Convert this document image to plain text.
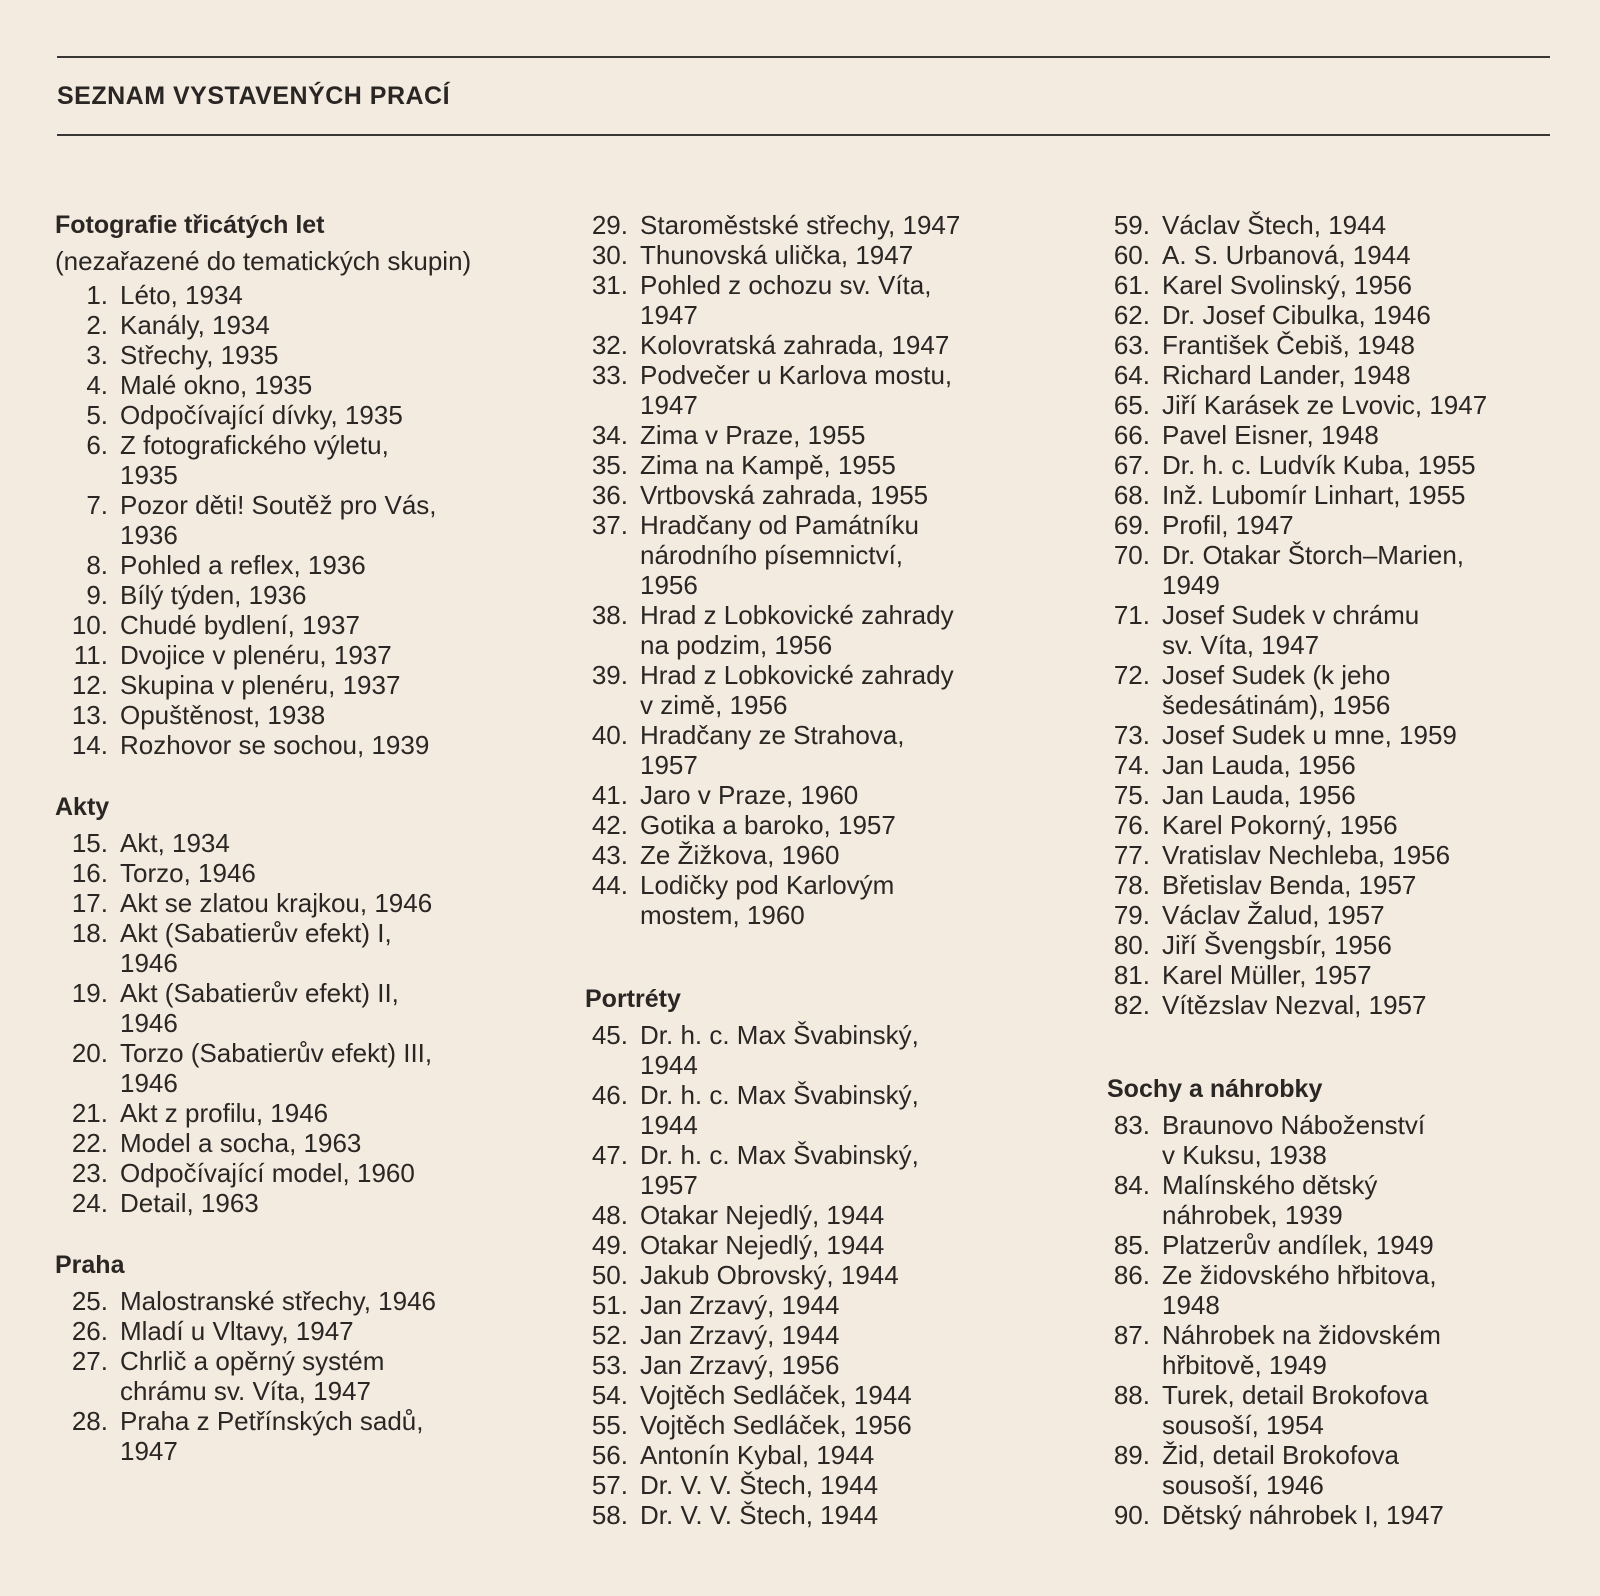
SEZNAM VYSTAVENÝCH PRACÍ
Fotografie třicátých let

(nezařazené do tematických skupin)

1. Léto, 1934
2. Kanály, 1934
3. Střechy, 1935
4. Malé okno, 1935
5. Odpočívající dívky, 1935
6. Z fotografického výletu,
1935
7. Pozor děti! Soutěž pro Vás,
1936
8. Pohled a reflex, 1936
9. Bílý týden, 1936
10. Chudé bydlení, 1937
11. Dvojice v plenéru, 1937
12. Skupina v plenéru, 1937
13. Opuštěnost, 1938
14. Rozhovor se sochou, 1939
Akty
15. Akt, 1934
16. Torzo, 1946
17. Akt se zlatou krajkou, 1946
18. Akt (Sabatierův efekt) I,
1946
19. Akt (Sabatierův efekt) II,
1946
20. Torzo (Sabatierův efekt) III,
1946
21. Akt z profilu, 1946
22. Model a socha, 1963
23. Odpočívající model, 1960
24. Detail, 1963
Praha
25. Malostranské střechy, 1946
26. Mladí u Vltavy, 1947
27. Chrlič a opěrný systém
chrámu sv. Víta, 1947
28. Praha z Petřínských sadů,
1947
29. Staroměstské střechy, 1947
30. Thunovská ulička, 1947
31. Pohled z ochozu sv. Víta,
1947
32. Kolovratská zahrada, 1947
33. Podvečer u Karlova mostu,
1947
34. Zima v Praze, 1955
35. Zima na Kampě, 1955
36. Vrtbovská zahrada, 1955
37. Hradčany od Památníku
národního písemnictví,
1956
38. Hrad z Lobkovické zahrady
na podzim, 1956
39. Hrad z Lobkovické zahrady
v zimě, 1956
40. Hradčany ze Strahova,
1957
41. Jaro v Praze, 1960
42. Gotika a baroko, 1957
43. Ze Žižkova, 1960
44. Lodičky pod Karlovým
mostem, 1960
Portréty
45. Dr. h. c. Max Švabinský,
1944
46. Dr. h. c. Max Švabinský,
1944
47. Dr. h. c. Max Švabinský,
1957
48. Otakar Nejedlý, 1944
49. Otakar Nejedlý, 1944
50. Jakub Obrovský, 1944
51. Jan Zrzavý, 1944
52. Jan Zrzavý, 1944
53. Jan Zrzavý, 1956
54. Vojtěch Sedláček, 1944
55. Vojtěch Sedláček, 1956
56. Antonín Kybal, 1944
57. Dr. V. V. Štech, 1944
58. Dr. V. V. Štech, 1944
59. Václav Štech, 1944
60. A. S. Urbanová, 1944
61. Karel Svolinský, 1956
62. Dr. Josef Cibulka, 1946
63. František Čebiš, 1948
64. Richard Lander, 1948
65. Jiří Karásek ze Lvovic, 1947
66. Pavel Eisner, 1948
67. Dr. h. c. Ludvík Kuba, 1955
68. Inž. Lubomír Linhart, 1955
69. Profil, 1947
70. Dr. Otakar Štorch–Marien,
1949
71. Josef Sudek v chrámu
sv. Víta, 1947
72. Josef Sudek (k jeho
šedesátinám), 1956
73. Josef Sudek u mne, 1959
74. Jan Lauda, 1956
75. Jan Lauda, 1956
76. Karel Pokorný, 1956
77. Vratislav Nechleba, 1956
78. Břetislav Benda, 1957
79. Václav Žalud, 1957
80. Jiří Švengsbír, 1956
81. Karel Müller, 1957
82. Vítězslav Nezval, 1957
Sochy a náhrobky
83. Braunovo Náboženství
v Kuksu, 1938
84. Malínského dětský
náhrobek, 1939
85. Platzerův andílek, 1949
86. Ze židovského hřbitova,
1948
87. Náhrobek na židovském
hřbitově, 1949
88. Turek, detail Brokofova
sousoší, 1954
89. Žid, detail Brokofova
sousoší, 1946
90. Dětský náhrobek I, 1947
